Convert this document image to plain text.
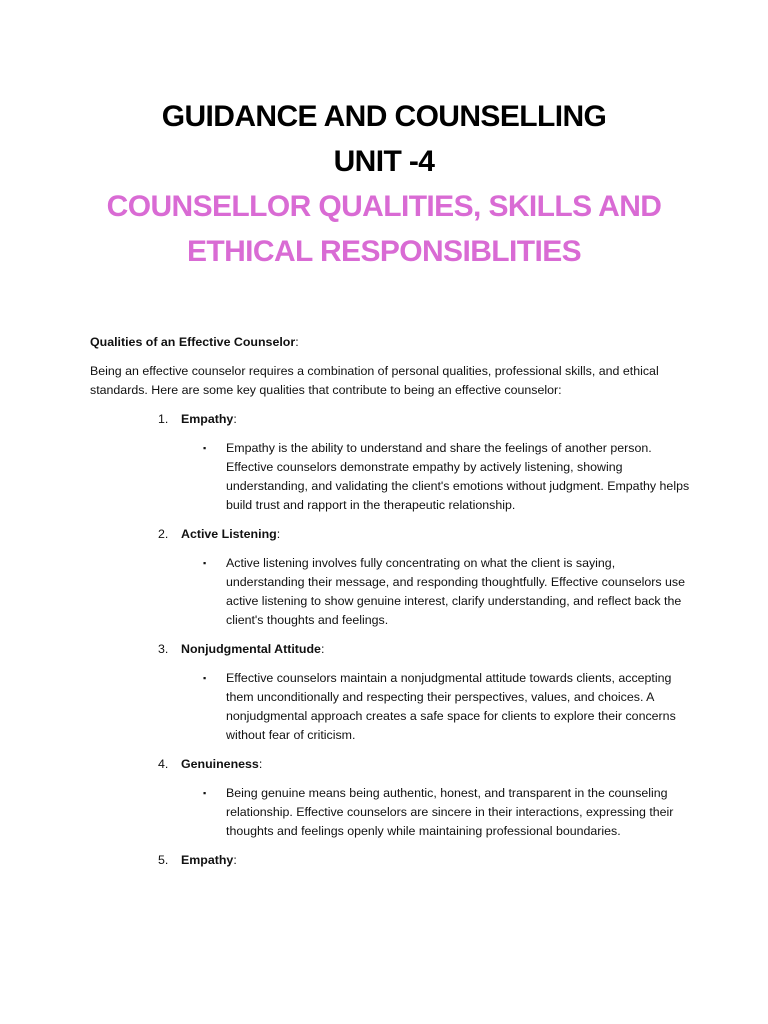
GUIDANCE AND COUNSELLING

UNIT -4

COUNSELLOR QUALITIES, SKILLS AND

ETHICAL RESPONSIBLITIES

Qualities of an Effective Counselor:

Being an effective counselor requires a combination of personal qualities, professional skills, and ethical standards. Here are some key qualities that contribute to being an effective counselor:

1. Empathy:
▪ Empathy is the ability to understand and share the feelings of another person. Effective counselors demonstrate empathy by actively listening, showing understanding, and validating the client's emotions without judgment. Empathy helps build trust and rapport in the therapeutic relationship.
2. Active Listening:
▪ Active listening involves fully concentrating on what the client is saying, understanding their message, and responding thoughtfully. Effective counselors use active listening to show genuine interest, clarify understanding, and reflect back the client's thoughts and feelings.
3. Nonjudgmental Attitude:
▪ Effective counselors maintain a nonjudgmental attitude towards clients, accepting them unconditionally and respecting their perspectives, values, and choices. A nonjudgmental approach creates a safe space for clients to explore their concerns without fear of criticism.
4. Genuineness:
▪ Being genuine means being authentic, honest, and transparent in the counseling relationship. Effective counselors are sincere in their interactions, expressing their thoughts and feelings openly while maintaining professional boundaries.
5. Empathy:
